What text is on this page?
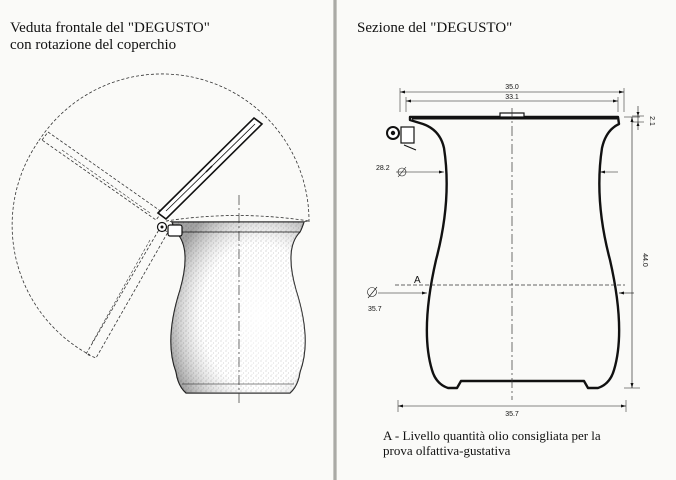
Veduta frontale del "DEGUSTO"
con rotazione del coperchio
Sezione del "DEGUSTO"
A
35.0
33.1
2.1
44.0
28.2
35.7
35.7
A - Livello quantità olio consigliata per la
prova olfattiva-gustativa
